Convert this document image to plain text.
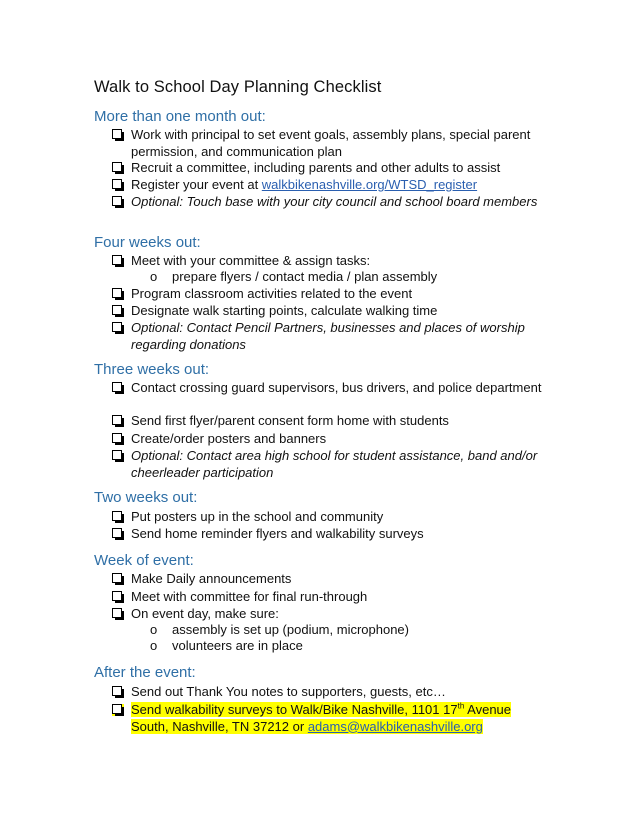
Walk to School Day Planning Checklist
More than one month out:
Work with principal to set event goals, assembly plans, special parent permission, and communication plan
Recruit a committee, including parents and other adults to assist
Register your event at walkbikenashville.org/WTSD_register
Optional: Touch base with your city council and school board members
Four weeks out:
Meet with your committee & assign tasks:
o prepare flyers / contact media / plan assembly
Program classroom activities related to the event
Designate walk starting points, calculate walking time
Optional: Contact Pencil Partners, businesses and places of worship regarding donations
Three weeks out:
Contact crossing guard supervisors, bus drivers, and police department
Send first flyer/parent consent form home with students
Create/order posters and banners
Optional: Contact area high school for student assistance, band and/or cheerleader participation
Two weeks out:
Put posters up in the school and community
Send home reminder flyers and walkability surveys
Week of event:
Make Daily announcements
Meet with committee for final run-through
On event day, make sure:
o assembly is set up (podium, microphone)
o volunteers are in place
After the event:
Send out Thank You notes to supporters, guests, etc…
Send walkability surveys to Walk/Bike Nashville, 1101 17th Avenue South, Nashville, TN 37212 or adams@walkbikenashville.org
